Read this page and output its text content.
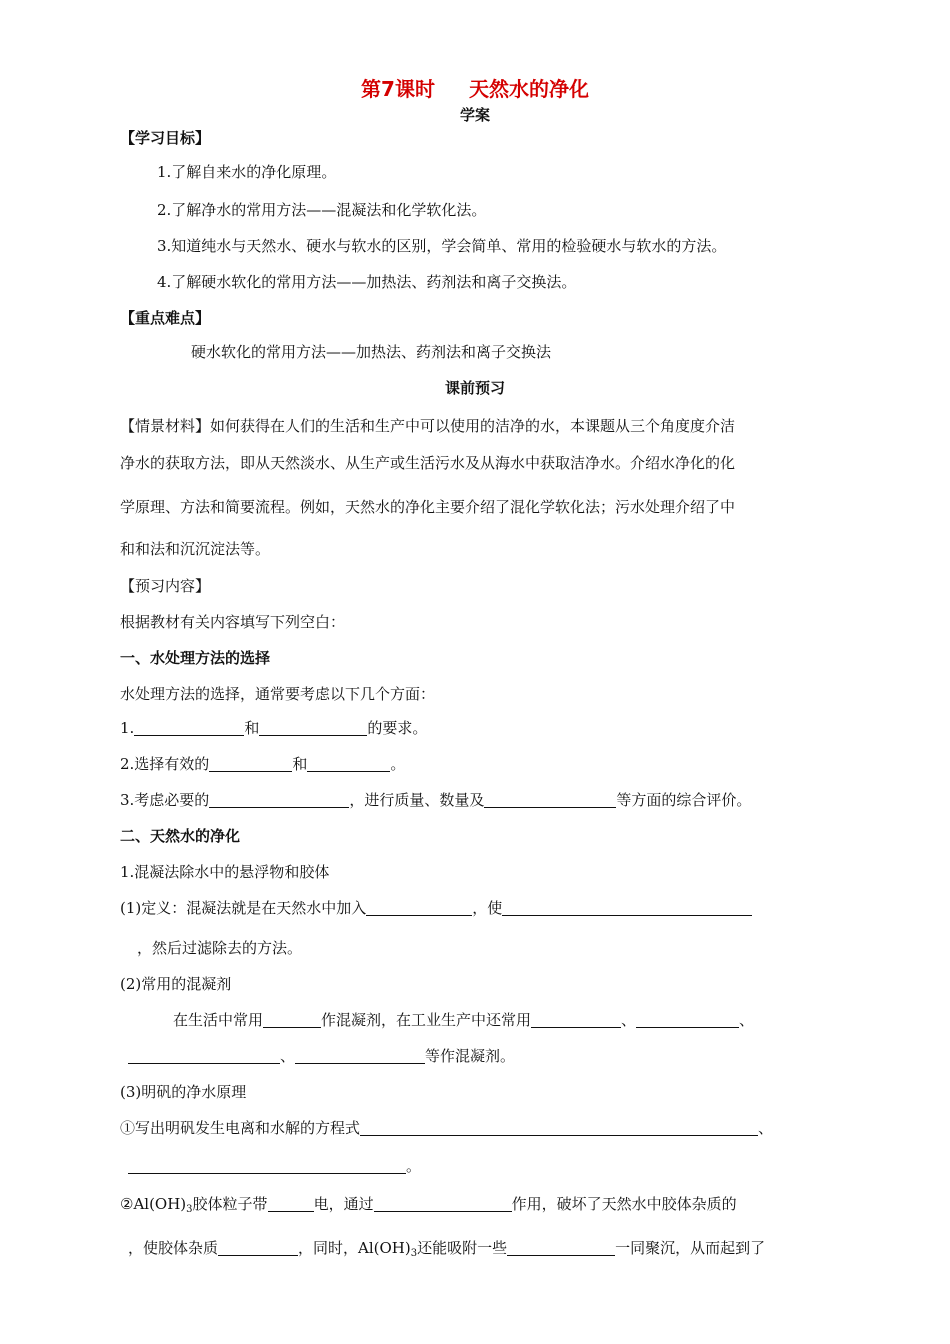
第7课时 天然水的净化
学案
【学习目标】
1.了解自来水的净化原理。
2.了解净水的常用方法——混凝法和化学软化法。
3.知道纯水与天然水、硬水与软水的区别，学会简单、常用的检验硬水与软水的方法。
4.了解硬水软化的常用方法——加热法、药剂法和离子交换法。
【重点难点】
硬水软化的常用方法——加热法、药剂法和离子交换法
课前预习
【情景材料】如何获得在人们的生活和生产中可以使用的洁净的水，本课题从三个角度度介洁
净水的获取方法，即从天然淡水、从生产或生活污水及从海水中获取洁净水。介绍水净化的化
学原理、方法和简要流程。例如，天然水的净化主要介绍了混化学软化法；污水处理介绍了中
和和法和沉沉淀法等。
【预习内容】
根据教材有关内容填写下列空白：
一、水处理方法的选择
水处理方法的选择，通常要考虑以下几个方面：
1.	和	的要求。
2.选择有效的	和	。
3.考虑必要的	，进行质量、数量及	等方面的综合评价。
二、天然水的净化
1.混凝法除水中的悬浮物和胶体
(1)定义：混凝法就是在天然水中加入	，使
，然后过滤除去的方法。
(2)常用的混凝剂
在生活中常用	作混凝剂，在工业生产中还常用	、	、
、	等作混凝剂。
(3)明矾的净水原理
①写出明矾发生电离和水解的方程式	、
。
$②Al(OH)_3$胶体粒子带	电，通过	作用，破坏了天然水中胶体杂质的
，使胶体杂质	，同时，$Al(OH)_3$还能吸附一些	一同聚沉，从而起到了
